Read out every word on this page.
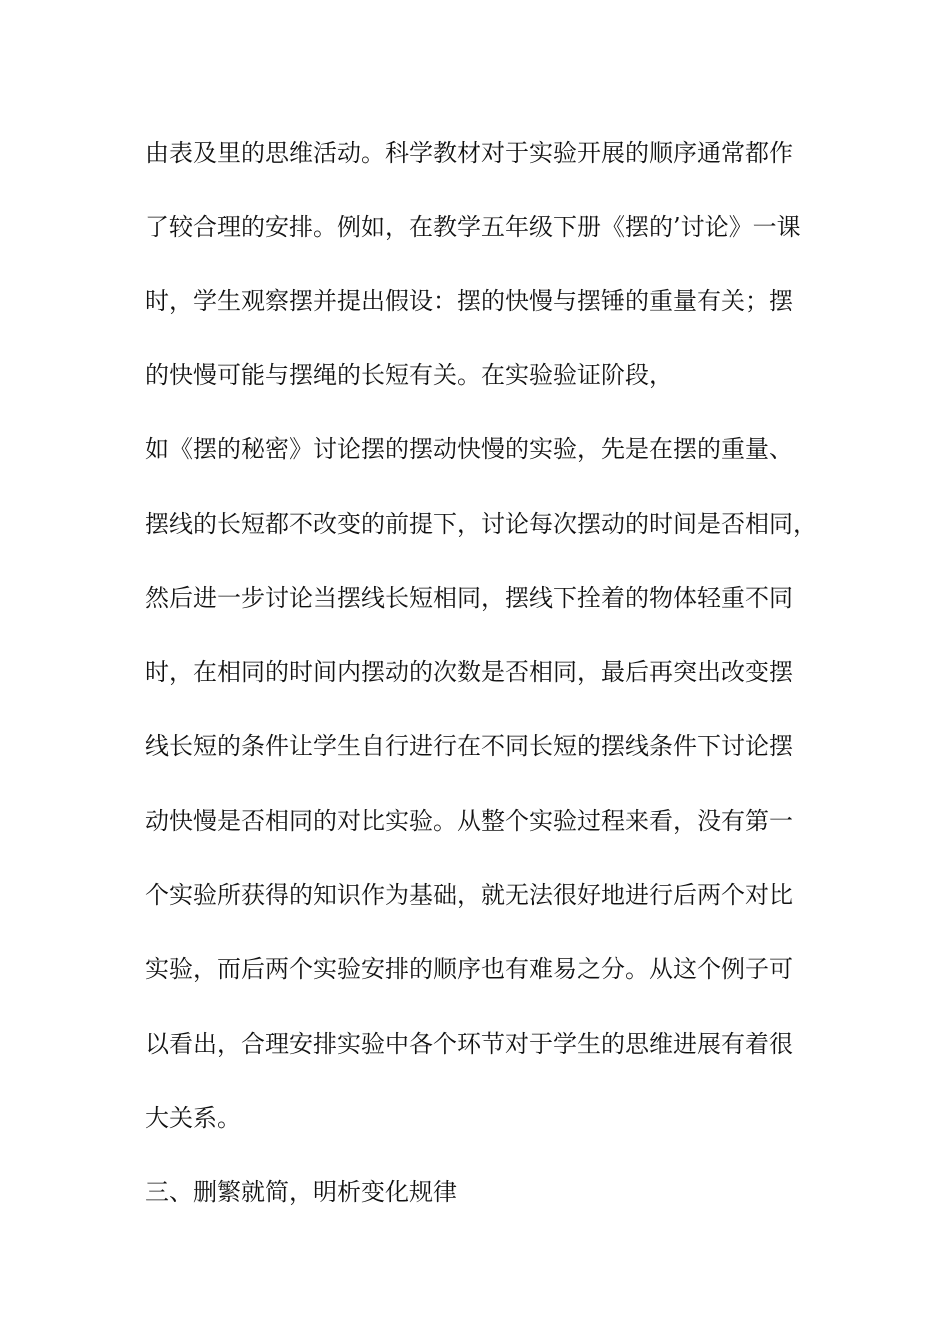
由表及里的思维活动。科学教材对于实验开展的顺序通常都作

了较合理的安排。例如，在教学五年级下册《摆的’讨论》一课

时，学生观察摆并提出假设：摆的快慢与摆锤的重量有关；摆

的快慢可能与摆绳的长短有关。在实验验证阶段，

如《摆的秘密》讨论摆的摆动快慢的实验，先是在摆的重量、

摆线的长短都不改变的前提下，讨论每次摆动的时间是否相同，

然后进一步讨论当摆线长短相同，摆线下拴着的物体轻重不同

时，在相同的时间内摆动的次数是否相同，最后再突出改变摆

线长短的条件让学生自行进行在不同长短的摆线条件下讨论摆

动快慢是否相同的对比实验。从整个实验过程来看，没有第一

个实验所获得的知识作为基础，就无法很好地进行后两个对比

实验，而后两个实验安排的顺序也有难易之分。从这个例子可

以看出，合理安排实验中各个环节对于学生的思维进展有着很

大关系。

三、删繁就简，明析变化规律
